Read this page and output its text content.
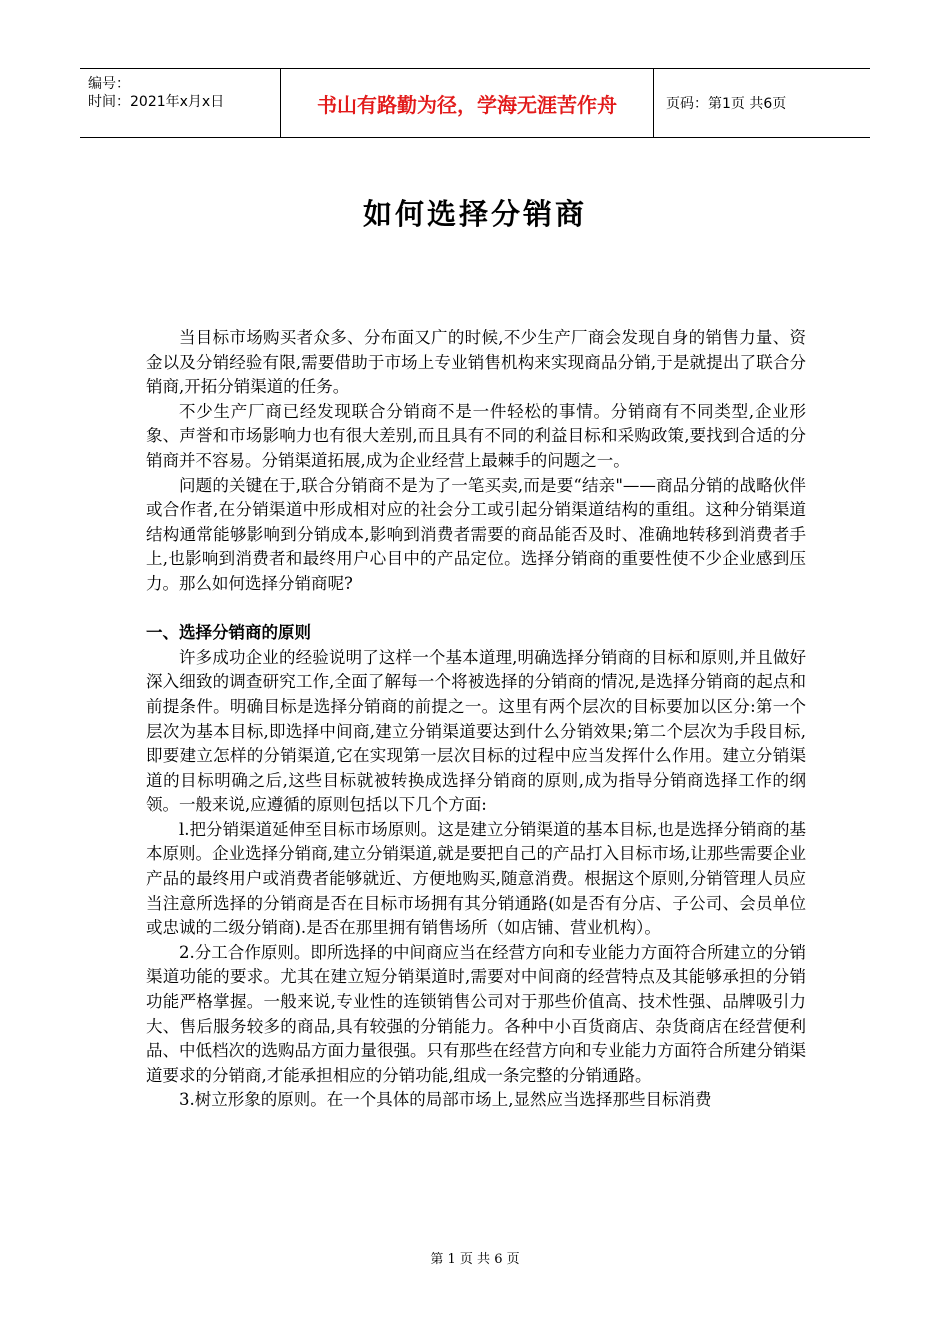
编号：
时间：2021年x月x日	书山有路勤为径，学海无涯苦作舟	页码：第1页 共6页
如何选择分销商

当目标市场购买者众多、分布面又广的时候,不少生产厂商会发现自身的销售力量、资金以及分销经验有限,需要借助于市场上专业销售机构来实现商品分销,于是就提出了联合分销商,开拓分销渠道的任务。

不少生产厂商已经发现联合分销商不是一件轻松的事情。分销商有不同类型,企业形象、声誉和市场影响力也有很大差别,而且具有不同的利益目标和采购政策,要找到合适的分销商并不容易。分销渠道拓展,成为企业经营上最棘手的问题之一。

问题的关键在于,联合分销商不是为了一笔买卖,而是要“结亲"——商品分销的战略伙伴或合作者,在分销渠道中形成相对应的社会分工或引起分销渠道结构的重组。这种分销渠道结构通常能够影响到分销成本,影响到消费者需要的商品能否及时、准确地转移到消费者手上,也影响到消费者和最终用户心目中的产品定位。选择分销商的重要性使不少企业感到压力。那么如何选择分销商呢?

一、选择分销商的原则

许多成功企业的经验说明了这样一个基本道理,明确选择分销商的目标和原则,并且做好深入细致的调查研究工作,全面了解每一个将被选择的分销商的情况,是选择分销商的起点和前提条件。明确目标是选择分销商的前提之一。这里有两个层次的目标要加以区分:第一个层次为基本目标,即选择中间商,建立分销渠道要达到什么分销效果;第二个层次为手段目标,即要建立怎样的分销渠道,它在实现第一层次目标的过程中应当发挥什么作用。建立分销渠道的目标明确之后,这些目标就被转换成选择分销商的原则,成为指导分销商选择工作的纲领。一般来说,应遵循的原则包括以下几个方面:

l.把分销渠道延伸至目标市场原则。这是建立分销渠道的基本目标,也是选择分销商的基本原则。企业选择分销商,建立分销渠道,就是要把自己的产品打入目标市场,让那些需要企业产品的最终用户或消费者能够就近、方便地购买,随意消费。根据这个原则,分销管理人员应当注意所选择的分销商是否在目标市场拥有其分销通路(如是否有分店、子公司、会员单位或忠诚的二级分销商).是否在那里拥有销售场所（如店铺、营业机构）。

2.分工合作原则。即所选择的中间商应当在经营方向和专业能力方面符合所建立的分销渠道功能的要求。尤其在建立短分销渠道时,需要对中间商的经营特点及其能够承担的分销功能严格掌握。一般来说,专业性的连锁销售公司对于那些价值高、技术性强、品牌吸引力大、售后服务较多的商品,具有较强的分销能力。各种中小百货商店、杂货商店在经营便利品、中低档次的选购品方面力量很强。只有那些在经营方向和专业能力方面符合所建分销渠道要求的分销商,才能承担相应的分销功能,组成一条完整的分销通路。

3.树立形象的原则。在一个具体的局部市场上,显然应当选择那些目标消费

第 1 页 共 6 页
